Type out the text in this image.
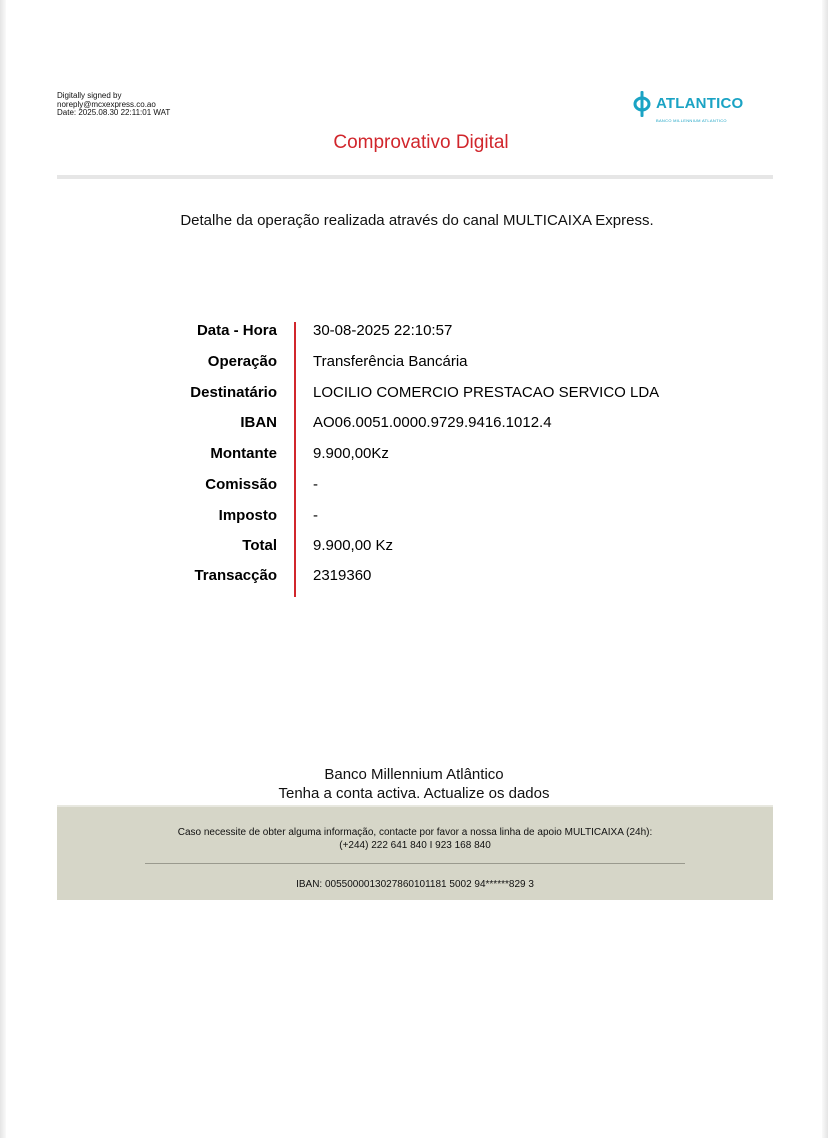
Digitally signed by
noreply@mcxexpress.co.ao
Date: 2025.08.30 22:11:01 WAT
ATLANTICO
BANCO MILLENNIUM ATLANTICO
Comprovativo Digital
Detalhe da operação realizada através do canal MULTICAIXA Express.
Data - Hora 30-08-2025 22:10:57
Operação Transferência Bancária
Destinatário LOCILIO COMERCIO PRESTACAO SERVICO LDA
IBAN AO06.0051.0000.9729.9416.1012.4
Montante 9.900,00Kz
Comissão -
Imposto -
Total 9.900,00 Kz
Transacção 2319360
Banco Millennium Atlântico
Tenha a conta activa. Actualize os dados
Caso necessite de obter alguma informação, contacte por favor a nossa linha de apoio MULTICAIXA (24h):
(+244) 222 641 840 I 923 168 840
IBAN: 0055000013027860101181 5002 94******829 3
